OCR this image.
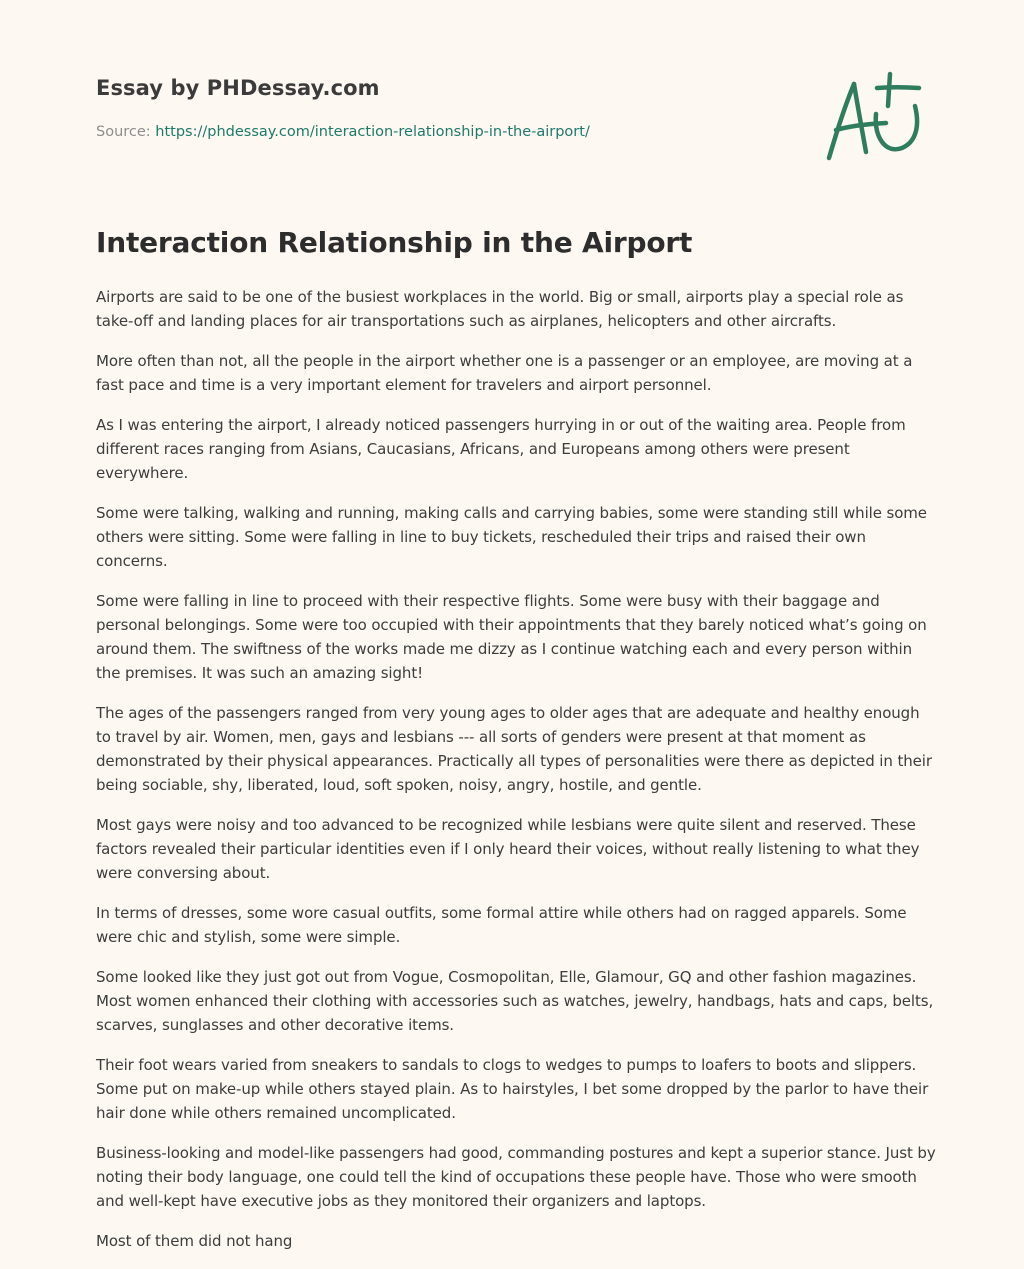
Essay by PHDessay.com
Source: https://phdessay.com/interaction-relationship-in-the-airport/
Interaction Relationship in the Airport

Airports are said to be one of the busiest workplaces in the world. Big or small, airports play a special role as take-off and landing places for air transportations such as airplanes, helicopters and other aircrafts.

More often than not, all the people in the airport whether one is a passenger or an employee, are moving at a fast pace and time is a very important element for travelers and airport personnel.

As I was entering the airport, I already noticed passengers hurrying in or out of the waiting area. People from different races ranging from Asians, Caucasians, Africans, and Europeans among others were present everywhere.

Some were talking, walking and running, making calls and carrying babies, some were standing still while some others were sitting. Some were falling in line to buy tickets, rescheduled their trips and raised their own concerns.

Some were falling in line to proceed with their respective flights. Some were busy with their baggage and personal belongings. Some were too occupied with their appointments that they barely noticed what’s going on around them. The swiftness of the works made me dizzy as I continue watching each and every person within the premises. It was such an amazing sight!

The ages of the passengers ranged from very young ages to older ages that are adequate and healthy enough to travel by air. Women, men, gays and lesbians --- all sorts of genders were present at that moment as demonstrated by their physical appearances. Practically all types of personalities were there as depicted in their being sociable, shy, liberated, loud, soft spoken, noisy, angry, hostile, and gentle.

Most gays were noisy and too advanced to be recognized while lesbians were quite silent and reserved. These factors revealed their particular identities even if I only heard their voices, without really listening to what they were conversing about.

In terms of dresses, some wore casual outfits, some formal attire while others had on ragged apparels. Some were chic and stylish, some were simple.

Some looked like they just got out from Vogue, Cosmopolitan, Elle, Glamour, GQ and other fashion magazines. Most women enhanced their clothing with accessories such as watches, jewelry, handbags, hats and caps, belts, scarves, sunglasses and other decorative items.

Their foot wears varied from sneakers to sandals to clogs to wedges to pumps to loafers to boots and slippers. Some put on make-up while others stayed plain. As to hairstyles, I bet some dropped by the parlor to have their hair done while others remained uncomplicated.

Business-looking and model-like passengers had good, commanding postures and kept a superior stance. Just by noting their body language, one could tell the kind of occupations these people have. Those who were smooth and well-kept have executive jobs as they monitored their organizers and laptops.

Most of them did not hang
